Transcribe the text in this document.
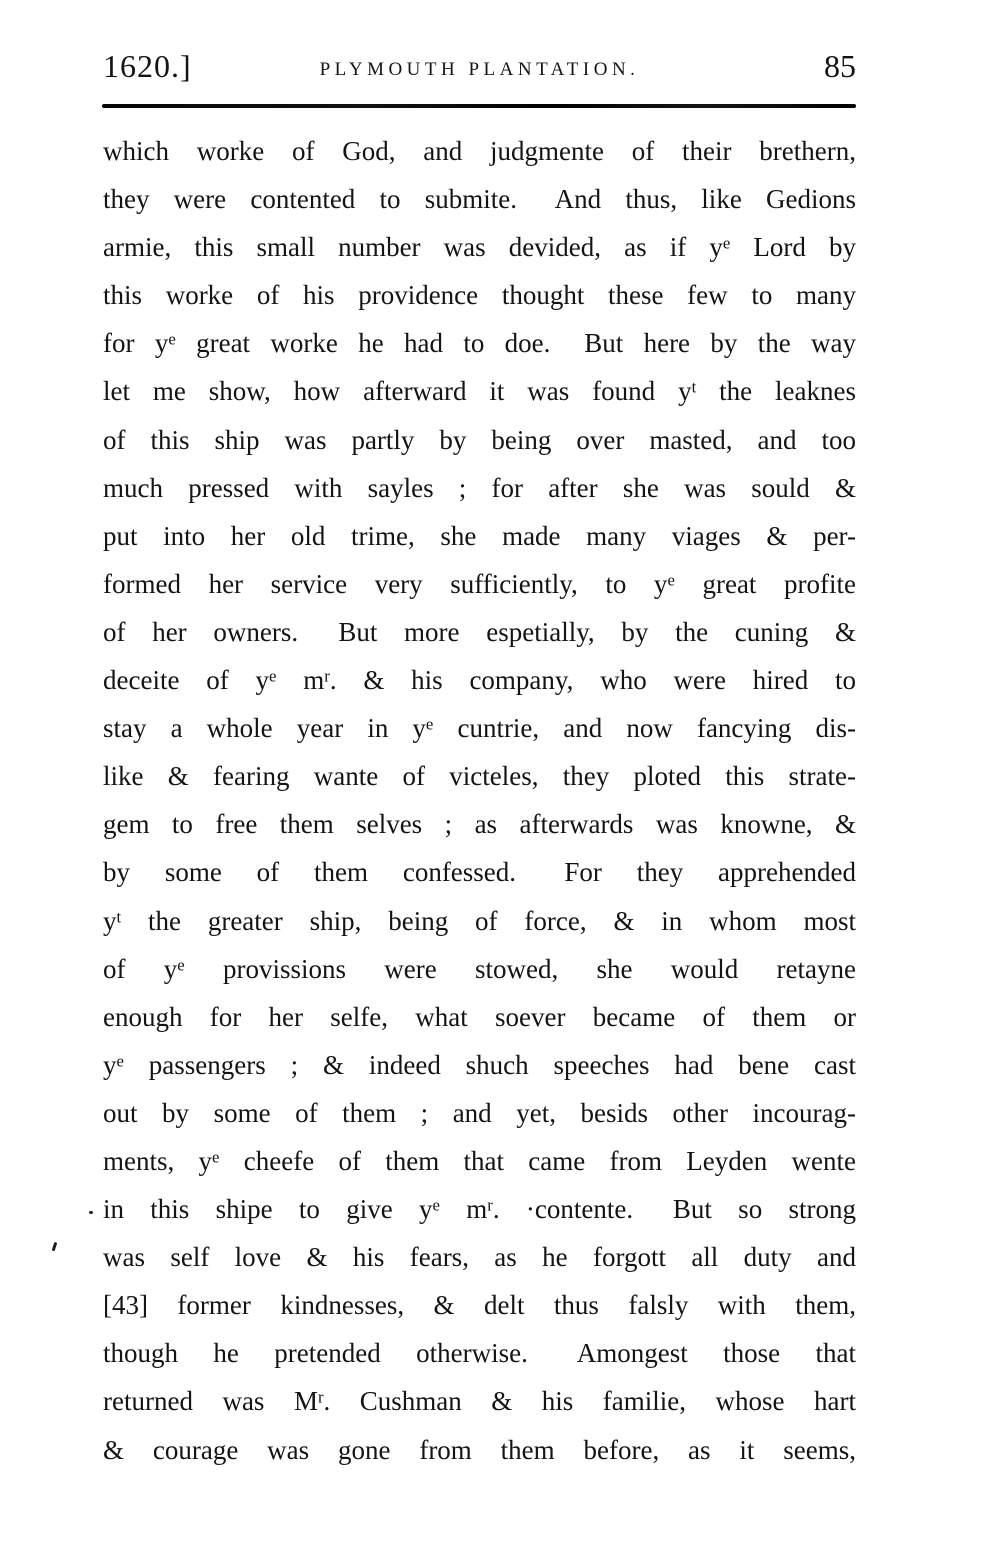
1620.]	PLYMOUTH PLANTATION.	85
which worke of God, and judgmente of their brethern,
they were contented to submite.  And thus, like Gedions
armie, this small number was devided, as if $y^e$ Lord by
this worke of his providence thought these few to many
for $y^e$ great worke he had to doe.  But here by the way
let me show, how afterward it was found $y^t$ the leaknes
of this ship was partly by being over masted, and too
much pressed with sayles ; for after she was sould &
put into her old trime, she made many viages & per-
formed her service very sufficiently, to $y^e$ great profite
of her owners.  But more espetially, by the cuning &
deceite of $y^e$ $m^r$. & his company, who were hired to
stay a whole year in $y^e$ cuntrie, and now fancying dis-
like & fearing wante of victeles, they ploted this strate-
gem to free them selves ; as afterwards was knowne, &
by some of them confessed.  For they apprehended
$y^t$ the greater ship, being of force, & in whom most
of $y^e$ provissions were stowed, she would retayne
enough for her selfe, what soever became of them or
$y^e$ passengers ; & indeed shuch speeches had bene cast
out by some of them ; and yet, besids other incourag-
ments, $y^e$ cheefe of them that came from Leyden wente
in this shipe to give $y^e$ $m^r$. ·contente.  But so strong
was self love & his fears, as he forgott all duty and
[43] former kindnesses, & delt thus falsly with them,
though he pretended otherwise.  Amongest those that
returned was $M^r$. Cushman & his familie, whose hart
& courage was gone from them before, as it seems,
